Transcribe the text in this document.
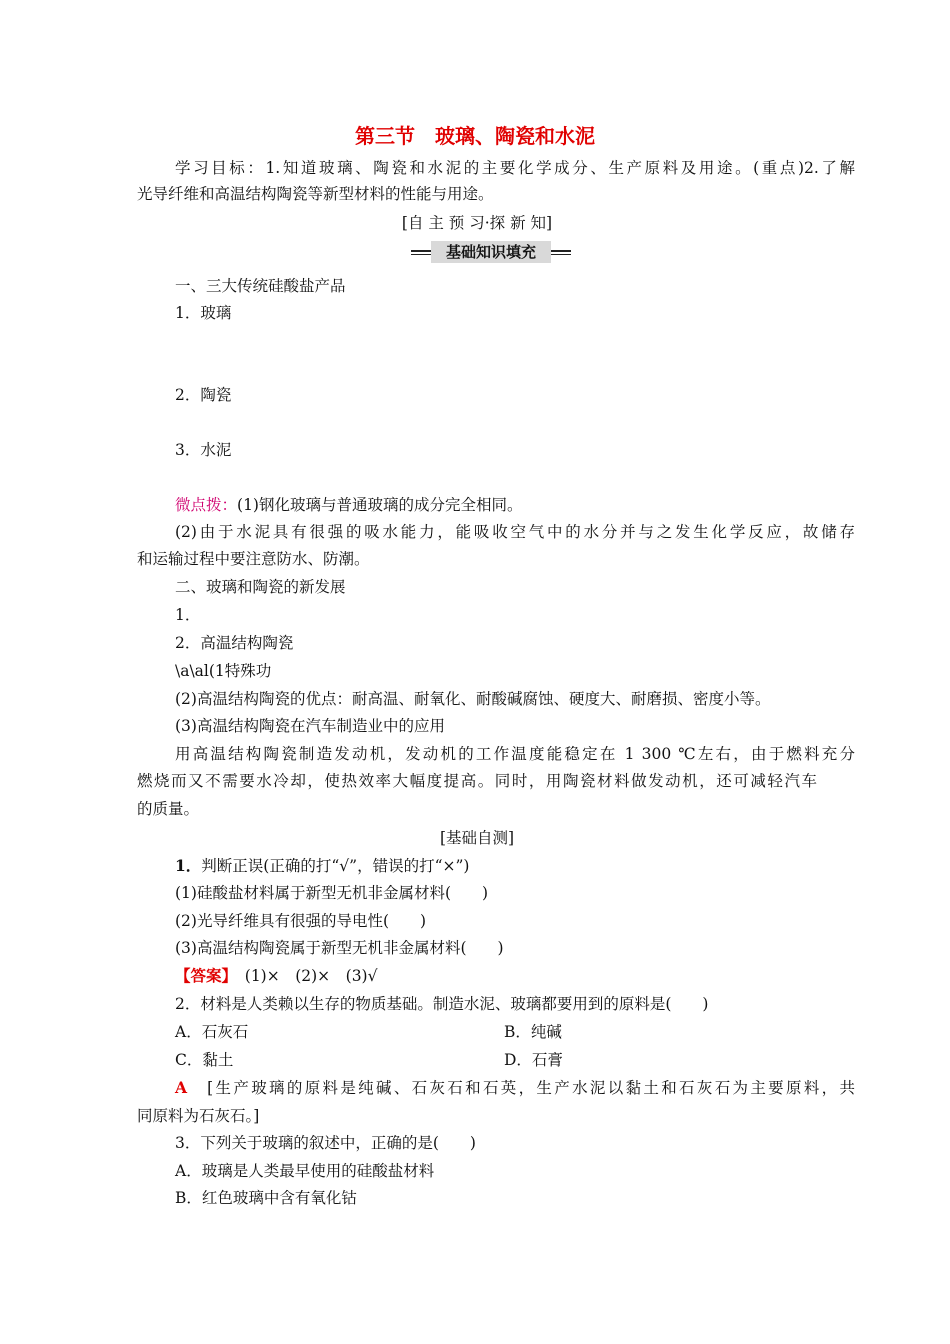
第三节　玻璃、陶瓷和水泥
学习目标：1.知道玻璃、陶瓷和水泥的主要化学成分、生产原料及用途。(重点)2.了解
光导纤维和高温结构陶瓷等新型材料的性能与用途。
[自 主 预 习·探 新 知]
基础知识填充
一、三大传统硅酸盐产品
1．玻璃
2．陶瓷
3．水泥
微点拨：(1)钢化玻璃与普通玻璃的成分完全相同。
(2)由于水泥具有很强的吸水能力，能吸收空气中的水分并与之发生化学反应，故储存
和运输过程中要注意防水、防潮。
二、玻璃和陶瓷的新发展
1．
2．高温结构陶瓷
\a\al(1特殊功
(2)高温结构陶瓷的优点：耐高温、耐氧化、耐酸碱腐蚀、硬度大、耐磨损、密度小等。
(3)高温结构陶瓷在汽车制造业中的应用
用高温结构陶瓷制造发动机，发动机的工作温度能稳定在 1 300 ℃左右，由于燃料充分
燃烧而又不需要水冷却，使热效率大幅度提高。同时，用陶瓷材料做发动机，还可减轻汽车
的质量。
[基础自测]
1．判断正误(正确的打“√”，错误的打“×”)
(1)硅酸盐材料属于新型无机非金属材料(　　)
(2)光导纤维具有很强的导电性(　　)
(3)高温结构陶瓷属于新型无机非金属材料(　　)
【答案】　(1)×　(2)×　(3)√
2．材料是人类赖以生存的物质基础。制造水泥、玻璃都要用到的原料是(　　)
A．石灰石	B．纯碱
C．黏土	D．石膏
A　[生产玻璃的原料是纯碱、石灰石和石英，生产水泥以黏土和石灰石为主要原料，共
同原料为石灰石。]
3．下列关于玻璃的叙述中，正确的是(　　)
A．玻璃是人类最早使用的硅酸盐材料
B．红色玻璃中含有氧化钴
